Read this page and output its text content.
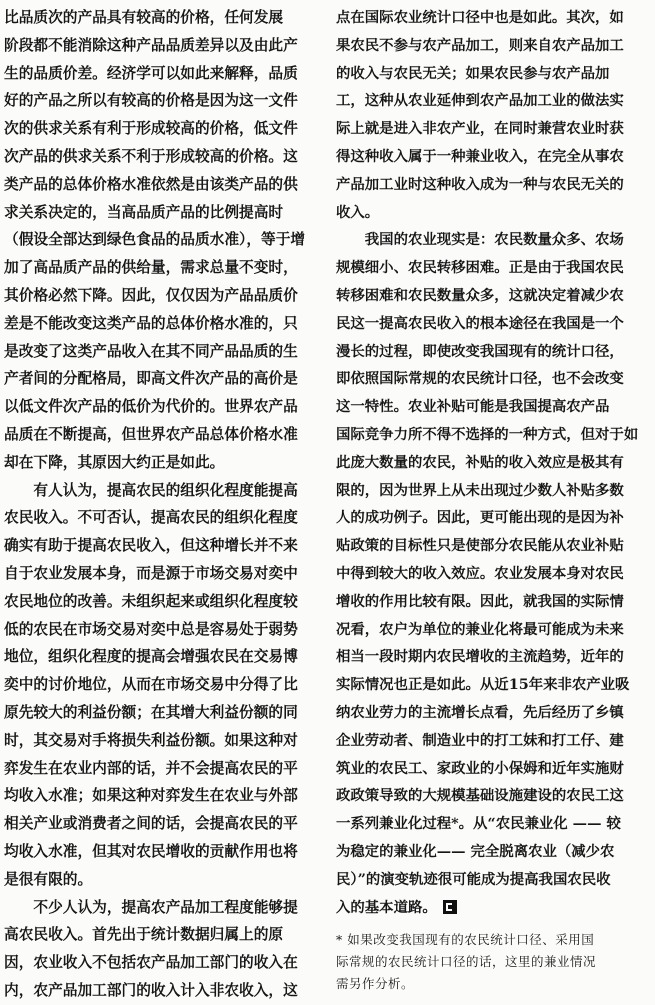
比品质次的产品具有较高的价格，任何发展
阶段都不能消除这种产品品质差异以及由此产
生的品质价差。经济学可以如此来解释，品质
好的产品之所以有较高的价格是因为这一文件
次的供求关系有利于形成较高的价格，低文件
次产品的供求关系不利于形成较高的价格。这
类产品的总体价格水准依然是由该类产品的供
求关系决定的，当高品质产品的比例提高时
（假设全部达到绿色食品的品质水准），等于增
加了高品质产品的供给量，需求总量不变时，
其价格必然下降。因此，仅仅因为产品品质价
差是不能改变这类产品的总体价格水准的，只
是改变了这类产品收入在其不同产品品质的生
产者间的分配格局，即高文件次产品的高价是
以低文件次产品的低价为代价的。世界农产品
品质在不断提高，但世界农产品总体价格水准
却在下降，其原因大约正是如此。
　　有人认为，提高农民的组织化程度能提高
农民收入。不可否认，提高农民的组织化程度
确实有助于提高农民收入，但这种增长并不来
自于农业发展本身，而是源于市场交易对奕中
农民地位的改善。未组织起来或组织化程度较
低的农民在市场交易对奕中总是容易处于弱势
地位，组织化程度的提高会增强农民在交易博
奕中的讨价地位，从而在市场交易中分得了比
原先较大的利益份额；在其增大利益份额的同
时，其交易对手将损失利益份额。如果这种对
弈发生在农业内部的话，并不会提高农民的平
均收入水准；如果这种对弈发生在农业与外部
相关产业或消费者之间的话，会提高农民的平
均收入水准，但其对农民增收的贡献作用也将
是很有限的。
　　不少人认为，提高农产品加工程度能够提
高农民收入。首先出于统计数据归属上的原
因，农业收入不包括农产品加工部门的收入在
内，农产品加工部门的收入计入非农收入，这
点在国际农业统计口径中也是如此。其次，如
果农民不参与农产品加工，则来自农产品加工
的收入与农民无关；如果农民参与农产品加
工，这种从农业延伸到农产品加工业的做法实
际上就是进入非农产业，在同时兼营农业时获
得这种收入属于一种兼业收入，在完全从事农
产品加工业时这种收入成为一种与农民无关的
收入。
　　我国的农业现实是：农民数量众多、农场
规模细小、农民转移困难。正是由于我国农民
转移困难和农民数量众多，这就决定着减少农
民这一提高农民收入的根本途径在我国是一个
漫长的过程，即使改变我国现有的统计口径，
即依照国际常规的农民统计口径，也不会改变
这一特性。农业补贴可能是我国提高农产品
国际竞争力所不得不选择的一种方式，但对于如
此庞大数量的农民，补贴的收入效应是极其有
限的，因为世界上从未出现过少数人补贴多数
人的成功例子。因此，更可能出现的是因为补
贴政策的目标性只是使部分农民能从农业补贴
中得到较大的收入效应。农业发展本身对农民
增收的作用比较有限。因此，就我国的实际情
况看，农户为单位的兼业化将最可能成为未来
相当一段时期内农民增收的主流趋势，近年的
实际情况也正是如此。从近15年来非农产业吸
纳农业劳力的主流增长点看，先后经历了乡镇
企业劳动者、制造业中的打工妹和打工仔、建
筑业的农民工、家政业的小保姆和近年实施财
政政策导致的大规模基础设施建设的农民工这
一系列兼业化过程*。从“农民兼业化 —— 较
为稳定的兼业化—— 完全脱离农业（减少农
民）”的演变轨迹很可能成为提高我国农民收
入的基本道路。
* 如果改变我国现有的农民统计口径、采用国
际常规的农民统计口径的话，这里的兼业情况
需另作分析。
